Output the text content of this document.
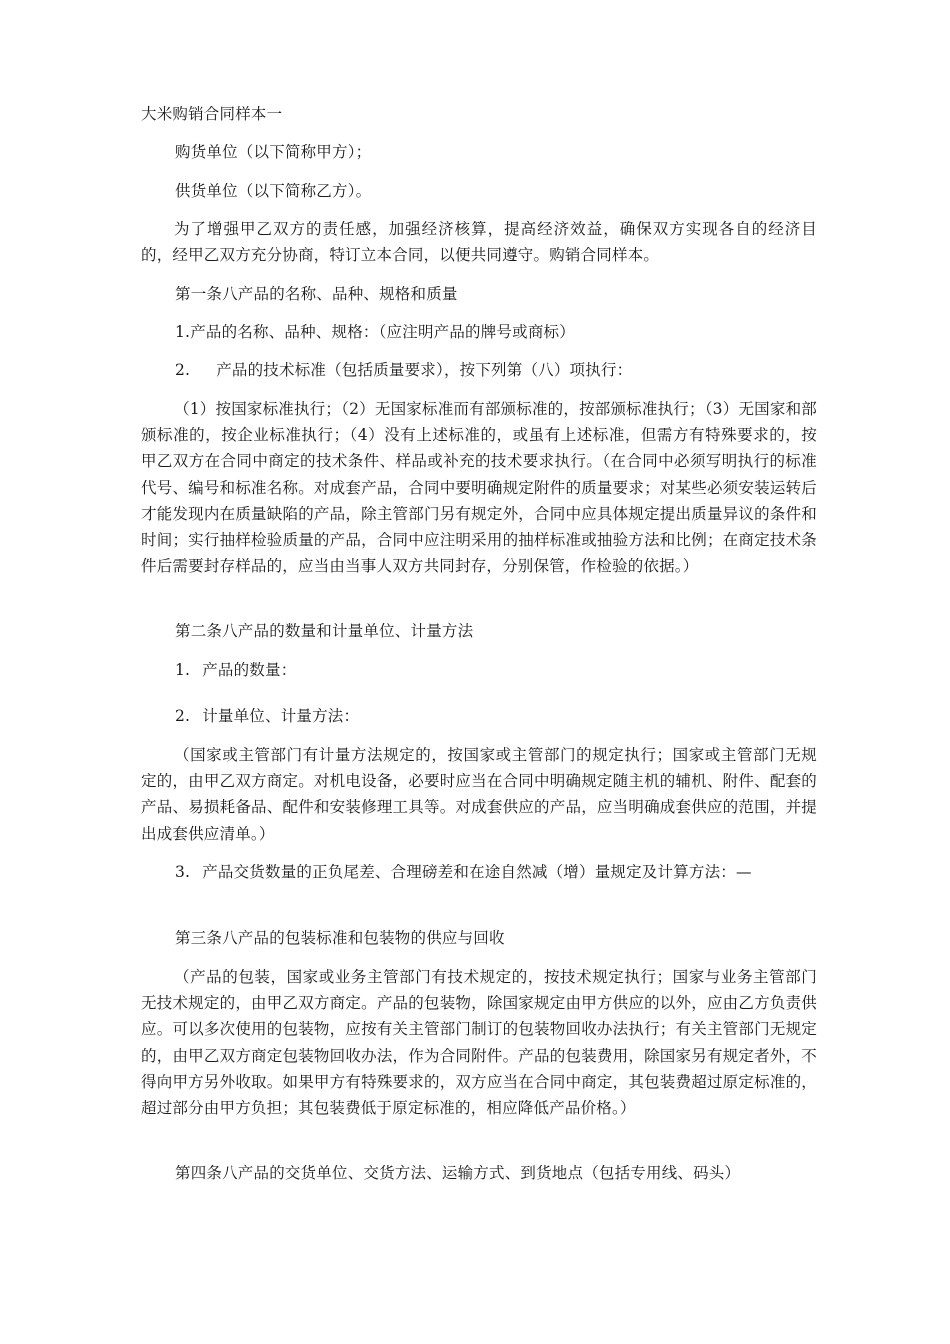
大米购销合同样本一
购货单位（以下简称甲方）；
供货单位（以下简称乙方）。
为了增强甲乙双方的责任感，加强经济核算，提高经济效益，确保双方实现各自的经济目的，经甲乙双方充分协商，特订立本合同，以便共同遵守。购销合同样本。
第一条八产品的名称、品种、规格和质量
1.产品的名称、品种、规格：（应注明产品的牌号或商标）
2. 产品的技术标准（包括质量要求），按下列第（八）项执行：
（1）按国家标准执行；（2）无国家标准而有部颁标准的，按部颁标准执行；（3）无国家和部颁标准的，按企业标准执行；（4）没有上述标准的，或虽有上述标准，但需方有特殊要求的，按甲乙双方在合同中商定的技术条件、样品或补充的技术要求执行。（在合同中必须写明执行的标准代号、编号和标准名称。对成套产品，合同中要明确规定附件的质量要求；对某些必须安装运转后才能发现内在质量缺陷的产品，除主管部门另有规定外，合同中应具体规定提出质量异议的条件和时间；实行抽样检验质量的产品，合同中应注明采用的抽样标准或抽验方法和比例；在商定技术条件后需要封存样品的，应当由当事人双方共同封存，分别保管，作检验的依据。）
第二条八产品的数量和计量单位、计量方法
1. 产品的数量：
2. 计量单位、计量方法：
（国家或主管部门有计量方法规定的，按国家或主管部门的规定执行；国家或主管部门无规定的，由甲乙双方商定。对机电设备，必要时应当在合同中明确规定随主机的辅机、附件、配套的产品、易损耗备品、配件和安装修理工具等。对成套供应的产品，应当明确成套供应的范围，并提出成套供应清单。）
3. 产品交货数量的正负尾差、合理磅差和在途自然减（增）量规定及计算方法：—
第三条八产品的包装标准和包装物的供应与回收
（产品的包装，国家或业务主管部门有技术规定的，按技术规定执行；国家与业务主管部门无技术规定的，由甲乙双方商定。产品的包装物，除国家规定由甲方供应的以外，应由乙方负责供应。可以多次使用的包装物，应按有关主管部门制订的包装物回收办法执行；有关主管部门无规定的，由甲乙双方商定包装物回收办法，作为合同附件。产品的包装费用，除国家另有规定者外，不得向甲方另外收取。如果甲方有特殊要求的，双方应当在合同中商定，其包装费超过原定标准的，超过部分由甲方负担；其包装费低于原定标准的，相应降低产品价格。）
第四条八产品的交货单位、交货方法、运输方式、到货地点（包括专用线、码头）
